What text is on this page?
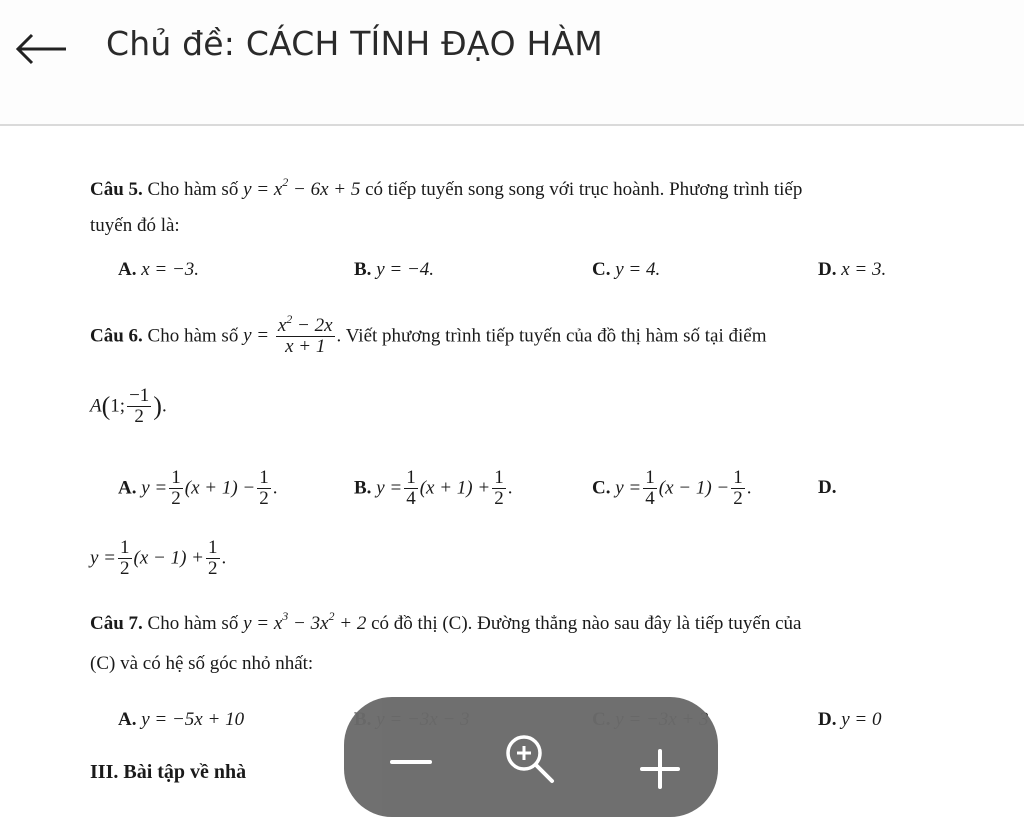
Chủ đề: CÁCH TÍNH ĐẠO HÀM
Câu 5. Cho hàm số $y = x^2 - 6x + 5$ có tiếp tuyến song song với trục hoành. Phương trình tiếp
tuyến đó là:
A. x = −3.	B. y = −4.	C. y = 4.	D. x = 3.
Câu 6. Cho hàm số $y = \frac{x^2 - 2x}{x + 1}$ . Viết phương trình tiếp tuyến của đồ thị hàm số tại điểm
A(1; $\frac{-1}{2}$ ).
A. $y = \frac{1}{2} (x + 1) - \frac{1}{2}$ .	B. $y = \frac{1}{4} (x + 1) + \frac{1}{2}$ .	C. $y = \frac{1}{4} (x - 1) - \frac{1}{2}$ .	D.
$y = \frac{1}{2} (x - 1) + \frac{1}{2}$ .
Câu 7. Cho hàm số $y = x^3 - 3x^2 + 2$ có đồ thị (C). Đường thẳng nào sau đây là tiếp tuyến của
(C) và có hệ số góc nhỏ nhất:
A. y = −5x + 10	D. y = 0
III. Bài tập về nhà
